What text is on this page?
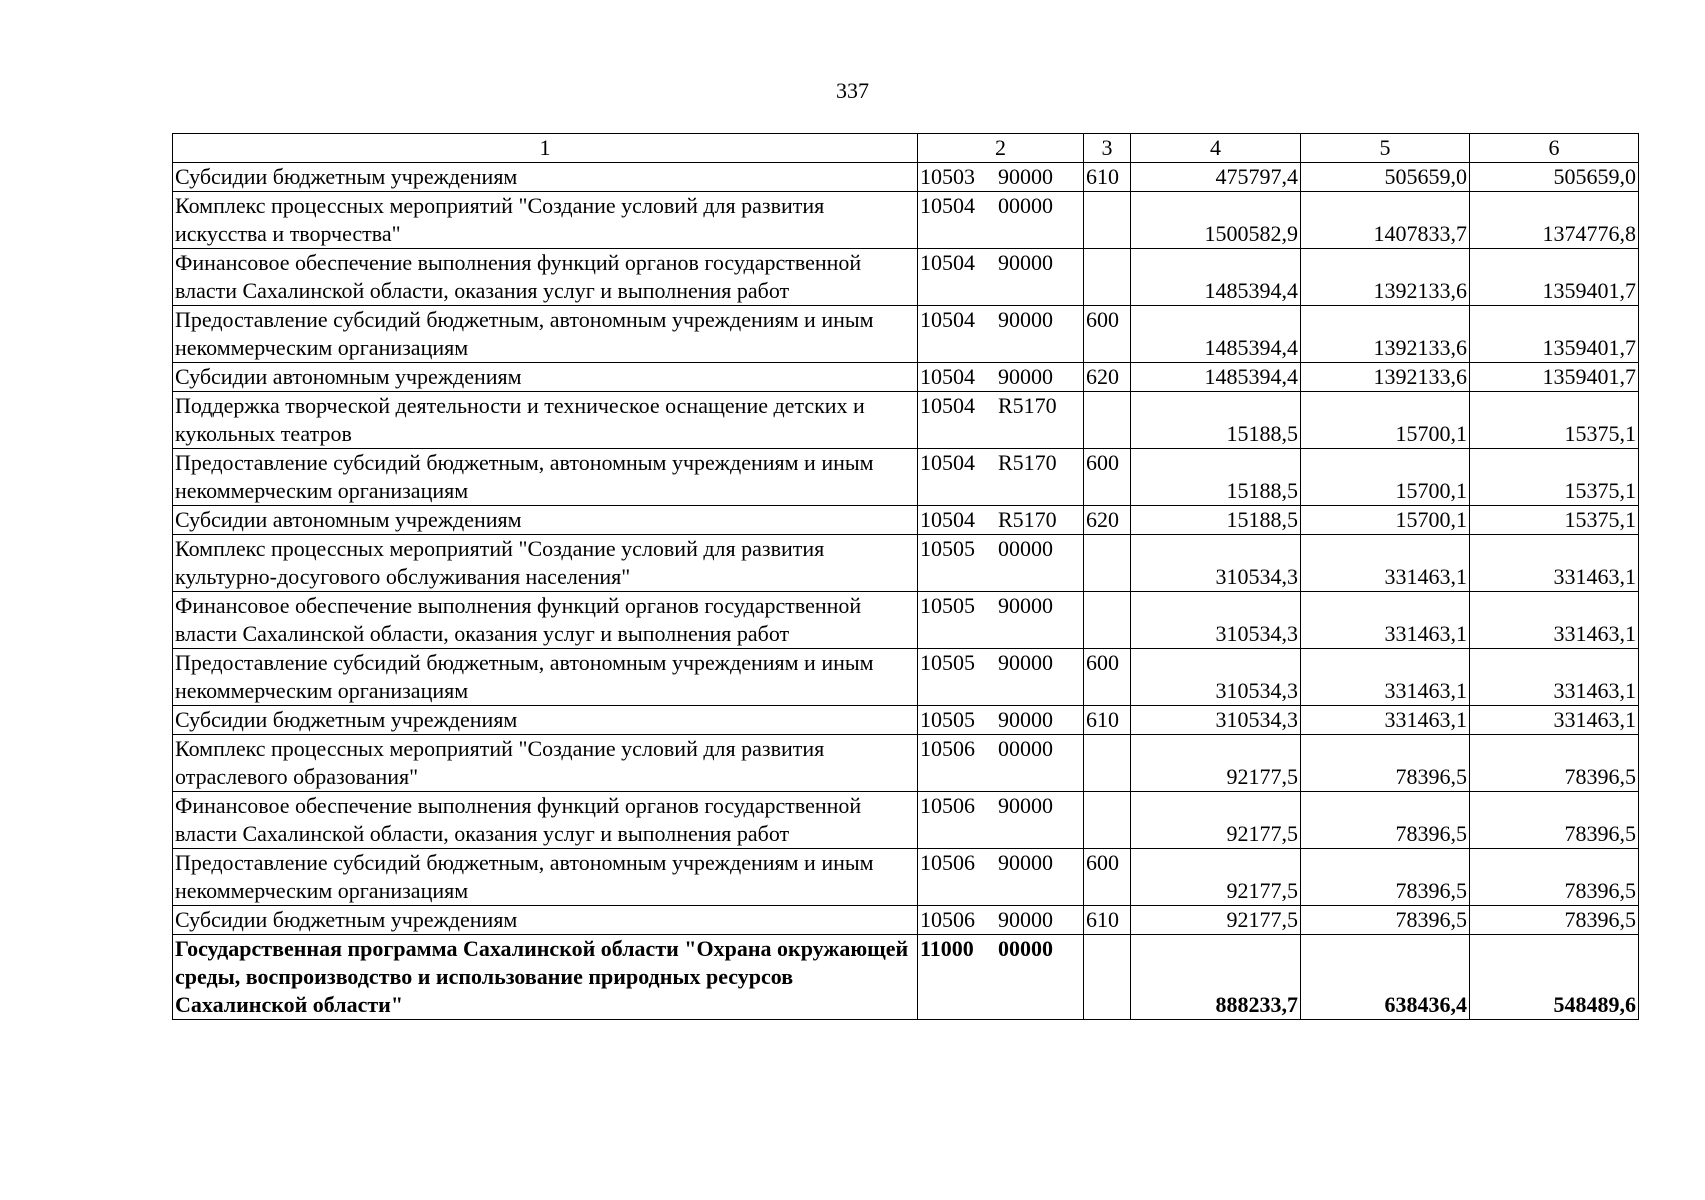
337
1	2	3	4	5	6
Субсидии бюджетным учреждениям	10503 90000	610	475797,4	505659,0	505659,0
Комплекс процессных мероприятий "Создание условий для развития искусства и творчества"	10504 00000		1500582,9	1407833,7	1374776,8
Финансовое обеспечение выполнения функций органов государственной власти Сахалинской области, оказания услуг и выполнения работ	10504 90000		1485394,4	1392133,6	1359401,7
Предоставление субсидий бюджетным, автономным учреждениям и иным некоммерческим организациям	10504 90000	600	1485394,4	1392133,6	1359401,7
Субсидии автономным учреждениям	10504 90000	620	1485394,4	1392133,6	1359401,7
Поддержка творческой деятельности и техническое оснащение детских и кукольных театров	10504 R5170		15188,5	15700,1	15375,1
Предоставление субсидий бюджетным, автономным учреждениям и иным некоммерческим организациям	10504 R5170	600	15188,5	15700,1	15375,1
Субсидии автономным учреждениям	10504 R5170	620	15188,5	15700,1	15375,1
Комплекс процессных мероприятий "Создание условий для развития культурно-досугового обслуживания населения"	10505 00000		310534,3	331463,1	331463,1
Финансовое обеспечение выполнения функций органов государственной власти Сахалинской области, оказания услуг и выполнения работ	10505 90000		310534,3	331463,1	331463,1
Предоставление субсидий бюджетным, автономным учреждениям и иным некоммерческим организациям	10505 90000	600	310534,3	331463,1	331463,1
Субсидии бюджетным учреждениям	10505 90000	610	310534,3	331463,1	331463,1
Комплекс процессных мероприятий "Создание условий для развития отраслевого образования"	10506 00000		92177,5	78396,5	78396,5
Финансовое обеспечение выполнения функций органов государственной власти Сахалинской области, оказания услуг и выполнения работ	10506 90000		92177,5	78396,5	78396,5
Предоставление субсидий бюджетным, автономным учреждениям и иным некоммерческим организациям	10506 90000	600	92177,5	78396,5	78396,5
Субсидии бюджетным учреждениям	10506 90000	610	92177,5	78396,5	78396,5
Государственная программа Сахалинской области "Охрана окружающей среды, воспроизводство и использование природных ресурсов Сахалинской области"	11000 00000		888233,7	638436,4	548489,6
